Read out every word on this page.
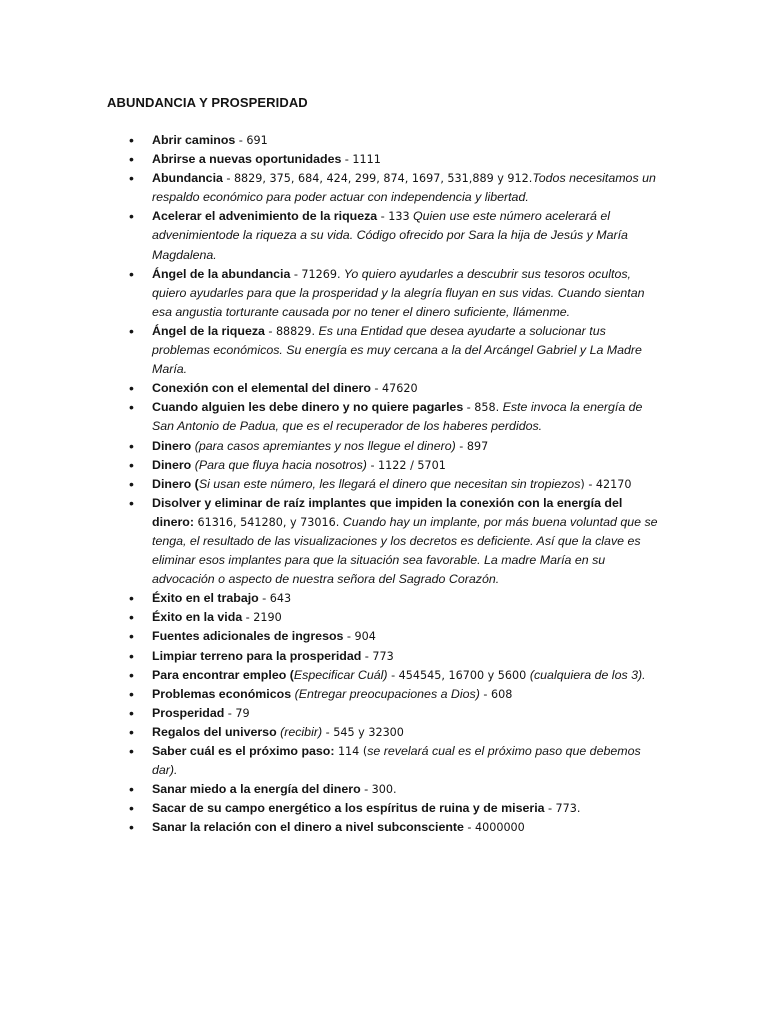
ABUNDANCIA Y PROSPERIDAD
• Abrir caminos - 691
• Abrirse a nuevas oportunidades - 1111
• Abundancia - 8829, 375, 684, 424, 299, 874, 1697, 531,889 y 912.Todos necesitamos un respaldo económico para poder actuar con independencia y libertad.
• Acelerar el advenimiento de la riqueza - 133 Quien use este número acelerará el advenimientode la riqueza a su vida. Código ofrecido por Sara la hija de Jesús y María Magdalena.
• Ángel de la abundancia - 71269. Yo quiero ayudarles a descubrir sus tesoros ocultos, quiero ayudarles para que la prosperidad y la alegría fluyan en sus vidas. Cuando sientan esa angustia torturante causada por no tener el dinero suficiente, llámenme.
• Ángel de la riqueza - 88829. Es una Entidad que desea ayudarte a solucionar tus problemas económicos. Su energía es muy cercana a la del Arcángel Gabriel y La Madre María.
• Conexión con el elemental del dinero - 47620
• Cuando alguien les debe dinero y no quiere pagarles - 858. Este invoca la energía de San Antonio de Padua, que es el recuperador de los haberes perdidos.
• Dinero (para casos apremiantes y nos llegue el dinero) - 897
• Dinero (Para que fluya hacia nosotros) - 1122 / 5701
• Dinero (Si usan este número, les llegará el dinero que necesitan sin tropiezos) - 42170
• Disolver y eliminar de raíz implantes que impiden la conexión con la energía del dinero: 61316, 541280, y 73016. Cuando hay un implante, por más buena voluntad que se tenga, el resultado de las visualizaciones y los decretos es deficiente. Así que la clave es eliminar esos implantes para que la situación sea favorable. La madre María en su advocación o aspecto de nuestra señora del Sagrado Corazón.
• Éxito en el trabajo - 643
• Éxito en la vida - 2190
• Fuentes adicionales de ingresos - 904
• Limpiar terreno para la prosperidad - 773
• Para encontrar empleo (Especificar Cuál) - 454545, 16700 y 5600 (cualquiera de los 3).
• Problemas económicos (Entregar preocupaciones a Dios) - 608
• Prosperidad - 79
• Regalos del universo (recibir) - 545 y 32300
• Saber cuál es el próximo paso: 114 (se revelará cual es el próximo paso que debemos dar).
• Sanar miedo a la energía del dinero - 300.
• Sacar de su campo energético a los espíritus de ruina y de miseria - 773.
• Sanar la relación con el dinero a nivel subconsciente - 4000000
